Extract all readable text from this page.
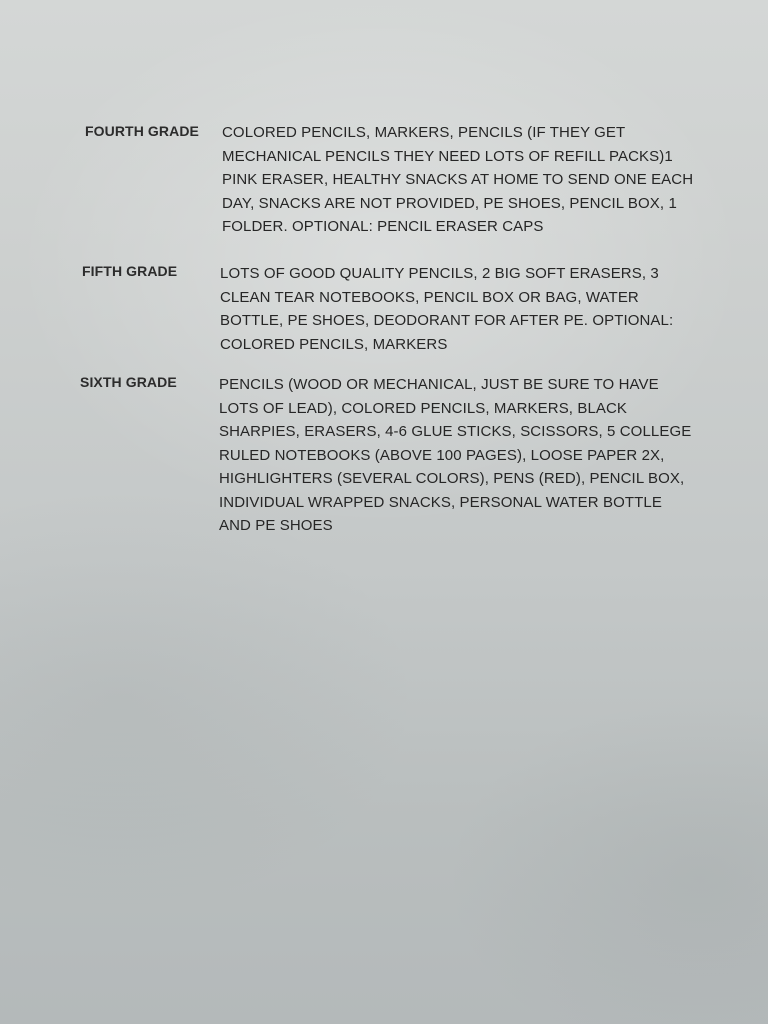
FOURTH GRADE COLORED PENCILS, MARKERS, PENCILS (IF THEY GET
MECHANICAL PENCILS THEY NEED LOTS OF REFILL PACKS)1
PINK ERASER, HEALTHY SNACKS AT HOME TO SEND ONE EACH
DAY, SNACKS ARE NOT PROVIDED, PE SHOES, PENCIL BOX, 1
FOLDER. OPTIONAL: PENCIL ERASER CAPS
FIFTH GRADE	LOTS OF GOOD QUALITY PENCILS, 2 BIG SOFT ERASERS, 3
CLEAN TEAR NOTEBOOKS, PENCIL BOX OR BAG, WATER
BOTTLE, PE SHOES, DEODORANT FOR AFTER PE. OPTIONAL:
COLORED PENCILS, MARKERS
SIXTH GRADE	PENCILS (WOOD OR MECHANICAL, JUST BE SURE TO HAVE
LOTS OF LEAD), COLORED PENCILS, MARKERS, BLACK
SHARPIES, ERASERS, 4-6 GLUE STICKS, SCISSORS, 5 COLLEGE
RULED NOTEBOOKS (ABOVE 100 PAGES), LOOSE PAPER 2X,
HIGHLIGHTERS (SEVERAL COLORS), PENS (RED), PENCIL BOX,
INDIVIDUAL WRAPPED SNACKS, PERSONAL WATER BOTTLE
AND PE SHOES
